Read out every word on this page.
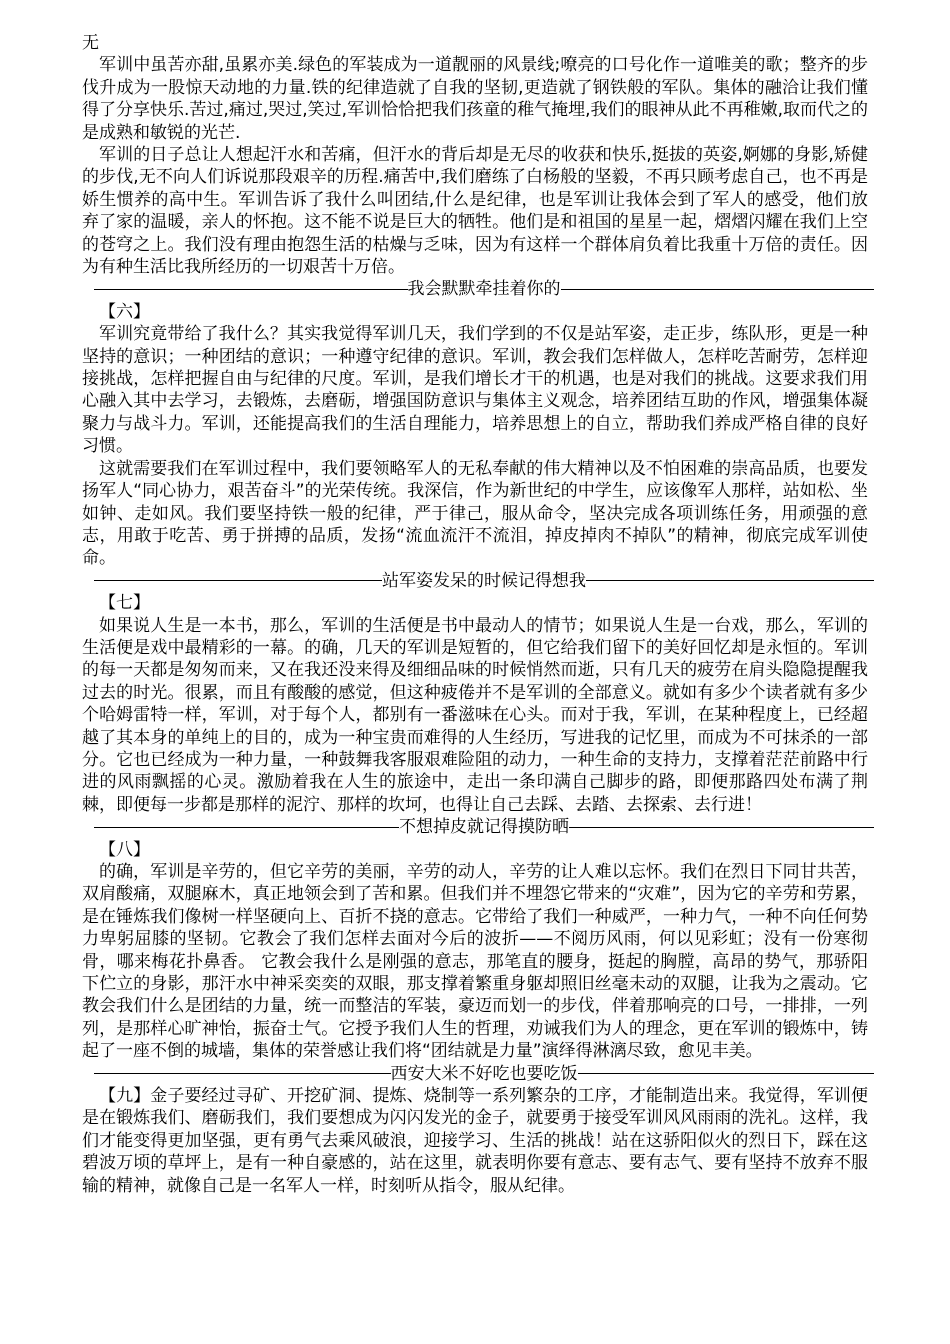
无

军训中虽苦亦甜,虽累亦美.绿色的军装成为一道靓丽的风景线;嘹亮的口号化作一道唯美的歌；整齐的步伐升成为一股惊天动地的力量.铁的纪律造就了自我的坚韧,更造就了钢铁般的军队。集体的融洽让我们懂得了分享快乐.苦过,痛过,哭过,笑过,军训恰恰把我们孩童的稚气掩埋,我们的眼神从此不再稚嫩,取而代之的是成熟和敏锐的光芒.

军训的日子总让人想起汗水和苦痛，但汗水的背后却是无尽的收获和快乐,挺拔的英姿,婀娜的身影,矫健的步伐,无不向人们诉说那段艰辛的历程.痛苦中,我们磨练了白杨般的坚毅，不再只顾考虑自己，也不再是娇生惯养的高中生。军训告诉了我什么叫团结,什么是纪律，也是军训让我体会到了军人的感受，他们放弃了家的温暖，亲人的怀抱。这不能不说是巨大的牺牲。他们是和祖国的星星一起，熠熠闪耀在我们上空的苍穹之上。我们没有理由抱怨生活的枯燥与乏味，因为有这样一个群体肩负着比我重十万倍的责任。因为有种生活比我所经历的一切艰苦十万倍。

我会默默牵挂着你的

【六】

军训究竟带给了我什么？其实我觉得军训几天，我们学到的不仅是站军姿，走正步，练队形，更是一种坚持的意识；一种团结的意识；一种遵守纪律的意识。军训，教会我们怎样做人，怎样吃苦耐劳，怎样迎接挑战，怎样把握自由与纪律的尺度。军训，是我们增长才干的机遇，也是对我们的挑战。这要求我们用心融入其中去学习，去锻炼，去磨砺，增强国防意识与集体主义观念，培养团结互助的作风，增强集体凝聚力与战斗力。军训，还能提高我们的生活自理能力，培养思想上的自立，帮助我们养成严格自律的良好习惯。

这就需要我们在军训过程中，我们要领略军人的无私奉献的伟大精神以及不怕困难的崇高品质，也要发扬军人“同心协力，艰苦奋斗”的光荣传统。我深信，作为新世纪的中学生，应该像军人那样，站如松、坐如钟、走如风。我们要坚持铁一般的纪律，严于律己，服从命令，坚决完成各项训练任务，用顽强的意志，用敢于吃苦、勇于拼搏的品质，发扬“流血流汗不流泪，掉皮掉肉不掉队”的精神，彻底完成军训使命。

站军姿发呆的时候记得想我

【七】

如果说人生是一本书，那么，军训的生活便是书中最动人的情节；如果说人生是一台戏，那么，军训的生活便是戏中最精彩的一幕。的确，几天的军训是短暂的，但它给我们留下的美好回忆却是永恒的。军训的每一天都是匆匆而来，又在我还没来得及细细品味的时候悄然而逝，只有几天的疲劳在肩头隐隐提醒我过去的时光。很累，而且有酸酸的感觉，但这种疲倦并不是军训的全部意义。就如有多少个读者就有多少个哈姆雷特一样，军训，对于每个人，都别有一番滋味在心头。而对于我，军训，在某种程度上，已经超越了其本身的单纯上的目的，成为一种宝贵而难得的人生经历，写进我的记忆里，而成为不可抹杀的一部分。它也已经成为一种力量，一种鼓舞我客服艰难险阻的动力，一种生命的支持力，支撑着茫茫前路中行进的风雨飘摇的心灵。激励着我在人生的旅途中，走出一条印满自己脚步的路，即便那路四处布满了荆棘，即便每一步都是那样的泥泞、那样的坎坷，也得让自己去踩、去踏、去探索、去行进！

不想掉皮就记得摸防晒

【八】

的确，军训是辛劳的，但它辛劳的美丽，辛劳的动人，辛劳的让人难以忘怀。我们在烈日下同甘共苦，双肩酸痛，双腿麻木，真正地领会到了苦和累。但我们并不埋怨它带来的“灾难”，因为它的辛劳和劳累，是在锤炼我们像树一样坚硬向上、百折不挠的意志。它带给了我们一种威严，一种力气，一种不向任何势力卑躬屈膝的坚韧。它教会了我们怎样去面对今后的波折——不阅历风雨，何以见彩虹；没有一份寒彻骨，哪来梅花扑鼻香。 它教会我什么是刚强的意志，那笔直的腰身，挺起的胸膛，高昂的势气，那骄阳下伫立的身影，那汗水中神采奕奕的双眼，那支撑着繁重身躯却照旧丝毫未动的双腿，让我为之震动。它教会我们什么是团结的力量，统一而整洁的军装，豪迈而划一的步伐，伴着那响亮的口号，一排排，一列列，是那样心旷神怡，振奋士气。它授予我们人生的哲理，劝诫我们为人的理念，更在军训的锻炼中，铸起了一座不倒的城墙，集体的荣誉感让我们将“团结就是力量”演绎得淋漓尽致，愈见丰美。

西安大米不好吃也要吃饭

【九】金子要经过寻矿、开挖矿洞、提炼、烧制等一系列繁杂的工序，才能制造出来。我觉得，军训便是在锻炼我们、磨砺我们，我们要想成为闪闪发光的金子，就要勇于接受军训风风雨雨的洗礼。这样，我们才能变得更加坚强，更有勇气去乘风破浪，迎接学习、生活的挑战！站在这骄阳似火的烈日下，踩在这碧波万顷的草坪上，是有一种自豪感的，站在这里，就表明你要有意志、要有志气、要有坚持不放弃不服输的精神，就像自己是一名军人一样，时刻听从指令，服从纪律。
